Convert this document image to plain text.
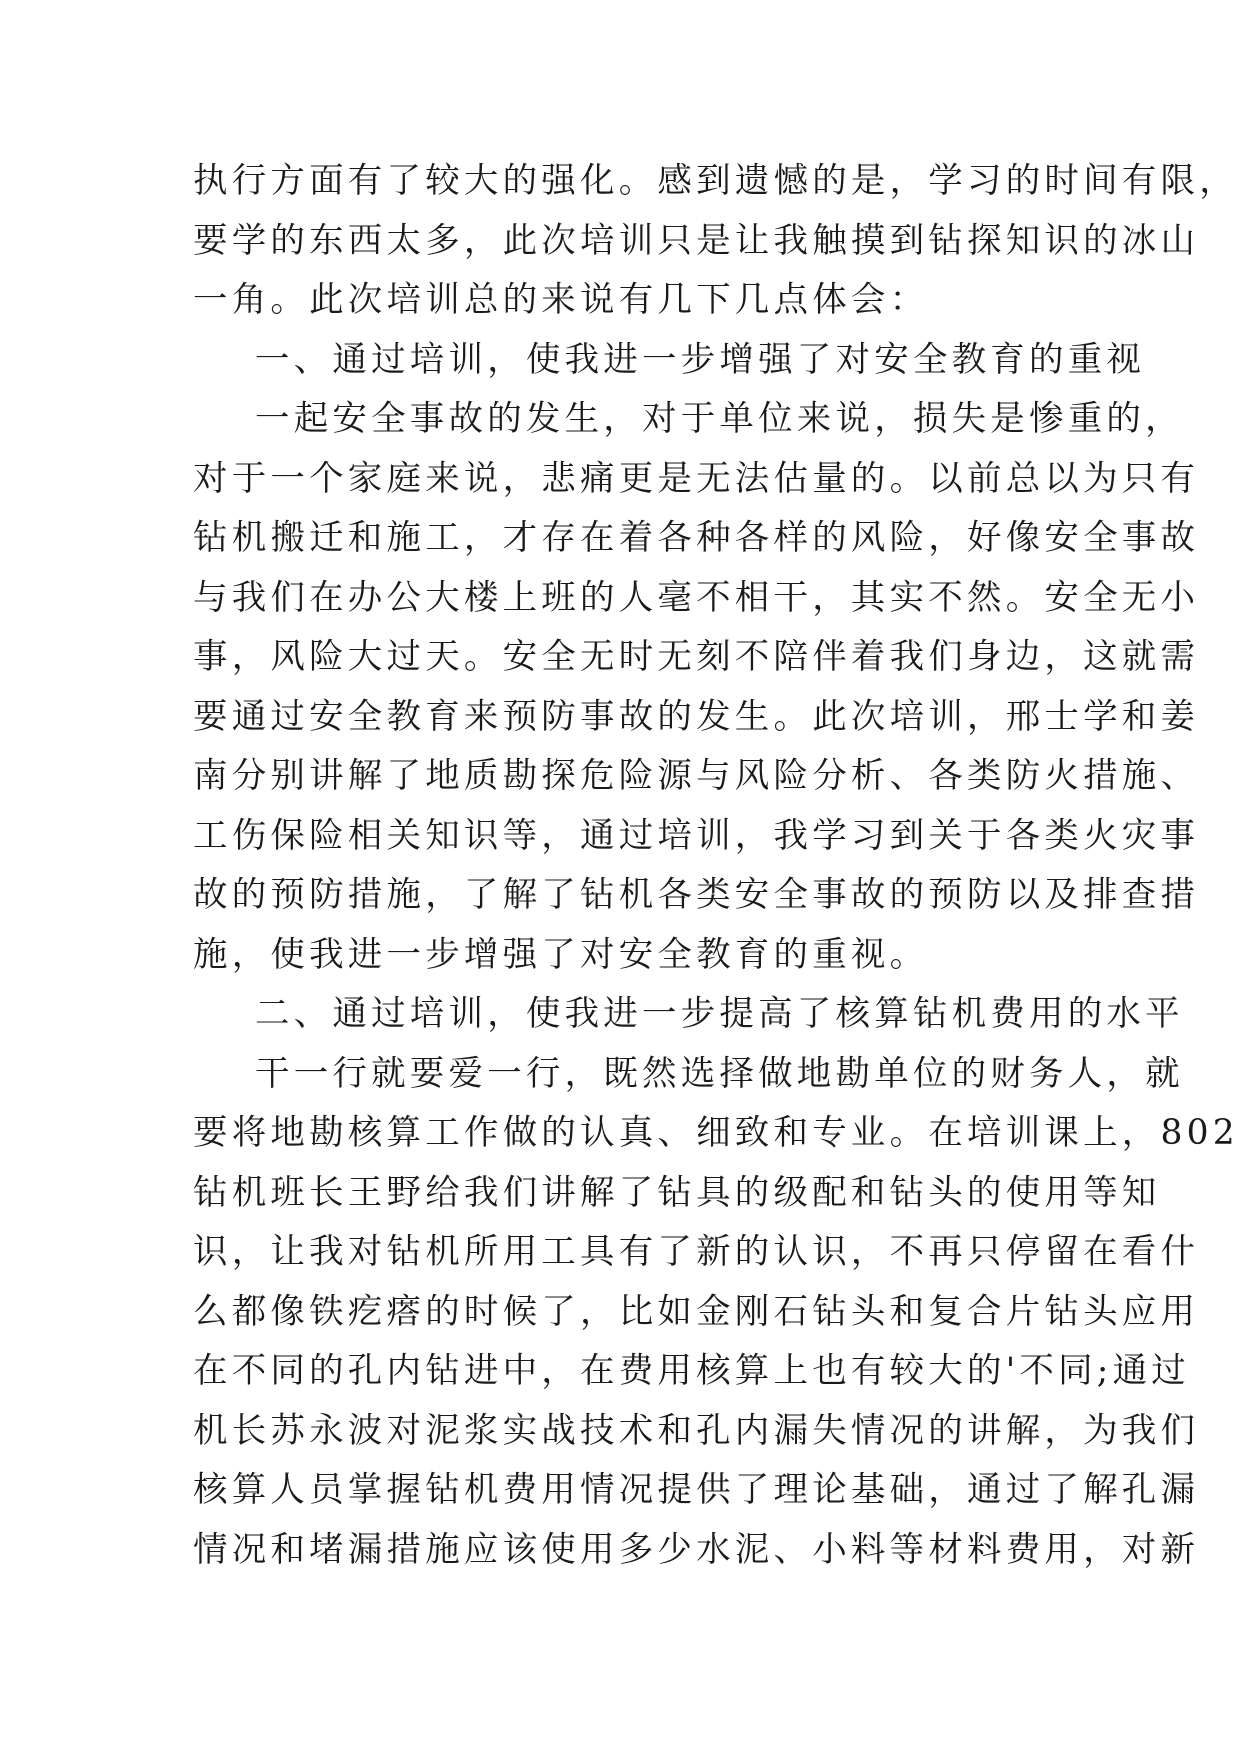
执行方面有了较大的强化。感到遗憾的是，学习的时间有限，
要学的东西太多，此次培训只是让我触摸到钻探知识的冰山
一角。此次培训总的来说有几下几点体会：
一、通过培训，使我进一步增强了对安全教育的重视
一起安全事故的发生，对于单位来说，损失是惨重的，
对于一个家庭来说，悲痛更是无法估量的。以前总以为只有
钻机搬迁和施工，才存在着各种各样的风险，好像安全事故
与我们在办公大楼上班的人毫不相干，其实不然。安全无小
事，风险大过天。安全无时无刻不陪伴着我们身边，这就需
要通过安全教育来预防事故的发生。此次培训，邢士学和姜
南分别讲解了地质勘探危险源与风险分析、各类防火措施、
工伤保险相关知识等，通过培训，我学习到关于各类火灾事
故的预防措施，了解了钻机各类安全事故的预防以及排查措
施，使我进一步增强了对安全教育的重视。
二、通过培训，使我进一步提高了核算钻机费用的水平
干一行就要爱一行，既然选择做地勘单位的财务人，就
要将地勘核算工作做的认真、细致和专业。在培训课上，802
钻机班长王野给我们讲解了钻具的级配和钻头的使用等知
识，让我对钻机所用工具有了新的认识，不再只停留在看什
么都像铁疙瘩的时候了，比如金刚石钻头和复合片钻头应用
在不同的孔内钻进中，在费用核算上也有较大的'不同;通过
机长苏永波对泥浆实战技术和孔内漏失情况的讲解，为我们
核算人员掌握钻机费用情况提供了理论基础，通过了解孔漏
情况和堵漏措施应该使用多少水泥、小料等材料费用，对新
